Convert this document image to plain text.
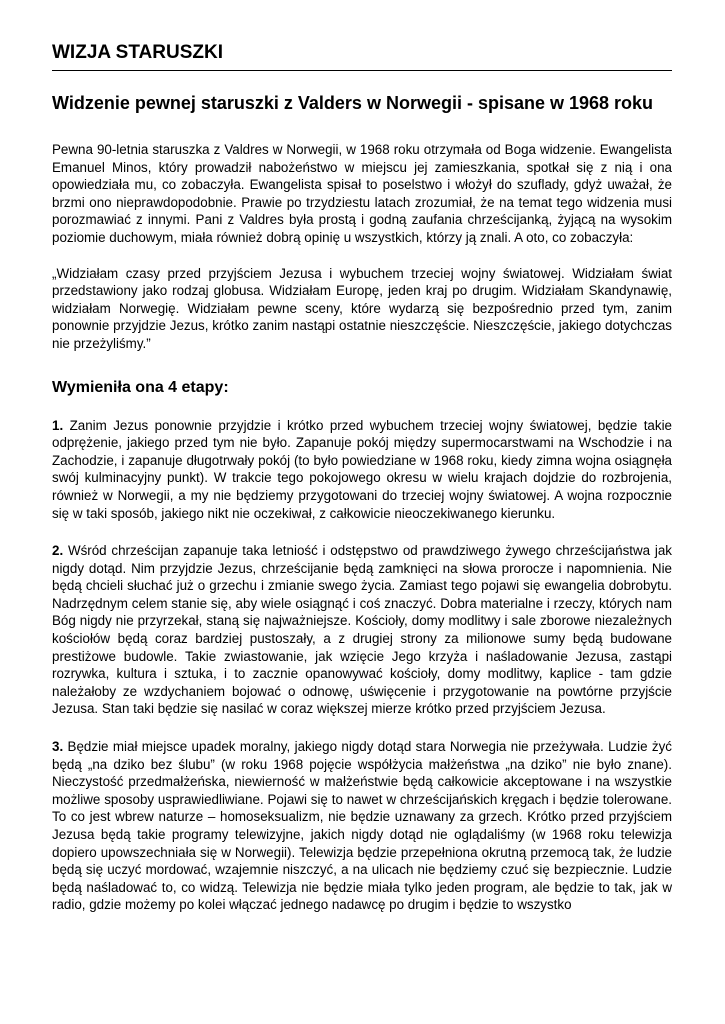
WIZJA STARUSZKI
Widzenie pewnej staruszki z Valders w Norwegii - spisane w 1968 roku

Pewna 90-letnia staruszka z Valdres w Norwegii, w 1968 roku otrzymała od Boga widzenie. Ewangelista Emanuel Minos, który prowadził nabożeństwo w miejscu jej zamieszkania, spotkał się z nią i ona opowiedziała mu, co zobaczyła. Ewangelista spisał to poselstwo i włożył do szuflady, gdyż uważał, że brzmi ono nieprawdopodobnie. Prawie po trzydziestu latach zrozumiał, że na temat tego widzenia musi porozmawiać z innymi. Pani z Valdres była prostą i godną zaufania chrześcijanką, żyjącą na wysokim poziomie duchowym, miała również dobrą opinię u wszystkich, którzy ją znali. A oto, co zobaczyła:

„Widziałam czasy przed przyjściem Jezusa i wybuchem trzeciej wojny światowej. Widziałam świat przedstawiony jako rodzaj globusa. Widziałam Europę, jeden kraj po drugim. Widziałam Skandynawię, widziałam Norwegię. Widziałam pewne sceny, które wydarzą się bezpośrednio przed tym, zanim ponownie przyjdzie Jezus, krótko zanim nastąpi ostatnie nieszczęście. Nieszczęście, jakiego dotychczas nie przeżyliśmy.”

Wymieniła ona 4 etapy:

1. Zanim Jezus ponownie przyjdzie i krótko przed wybuchem trzeciej wojny światowej, będzie takie odprężenie, jakiego przed tym nie było. Zapanuje pokój między supermocarstwami na Wschodzie i na Zachodzie, i zapanuje długotrwały pokój (to było powiedziane w 1968 roku, kiedy zimna wojna osiągnęła swój kulminacyjny punkt). W trakcie tego pokojowego okresu w wielu krajach dojdzie do rozbrojenia, również w Norwegii, a my nie będziemy przygotowani do trzeciej wojny światowej. A wojna rozpocznie się w taki sposób, jakiego nikt nie oczekiwał, z całkowicie nieoczekiwanego kierunku.

2. Wśród chrześcijan zapanuje taka letniość i odstępstwo od prawdziwego żywego chrześcijaństwa jak nigdy dotąd. Nim przyjdzie Jezus, chrześcijanie będą zamknięci na słowa proroczе i napomnienia. Nie będą chcieli słuchać już o grzechu i zmianie swego życia. Zamiast tego pojawi się ewangelia dobrobytu. Nadrzędnym celem stanie się, aby wiele osiągnąć i coś znaczyć. Dobra materialne i rzeczy, których nam Bóg nigdy nie przyrzekał, staną się najważniejsze. Kościoły, domy modlitwy i sale zborowe niezależnych kościołów będą coraz bardziej pustoszały, a z drugiej strony za milionowe sumy będą budowane prestiżowe budowle. Takie zwiastowanie, jak wzięcie Jego krzyża i naśladowanie Jezusa, zastąpi rozrywka, kultura i sztuka, i to zacznie opanowywać kościoły, domy modlitwy, kaplice - tam gdzie należałoby ze wzdychaniem bojować o odnowę, uświęcenie i przygotowanie na powtórne przyjście Jezusa. Stan taki będzie się nasilać w coraz większej mierze krótko przed przyjściem Jezusa.

3. Będzie miał miejsce upadek moralny, jakiego nigdy dotąd stara Norwegia nie przeżywała. Ludzie żyć będą „na dziko bez ślubu” (w roku 1968 pojęcie współżycia małżeństwa „na dziko” nie było znane). Nieczystość przedmałżeńska, niewierność w małżeństwie będą całkowicie akceptowane i na wszystkie możliwe sposoby usprawiedliwiane. Pojawi się to nawet w chrześcijańskich kręgach i będzie tolerowane. To co jest wbrew naturze – homoseksualizm, nie będzie uznawany za grzech. Krótko przed przyjściem Jezusa będą takie programy telewizyjne, jakich nigdy dotąd nie oglądaliśmy (w 1968 roku telewizja dopiero upowszechniała się w Norwegii). Telewizja będzie przepełniona okrutną przemocą tak, że ludzie będą się uczyć mordować, wzajemnie niszczyć, a na ulicach nie będziemy czuć się bezpiecznie. Ludzie będą naśladować to, co widzą. Telewizja nie będzie miała tylko jeden program, ale będzie to tak, jak w radio, gdzie możemy po kolei włączać jednego nadawcę po drugim i będzie to wszystko
